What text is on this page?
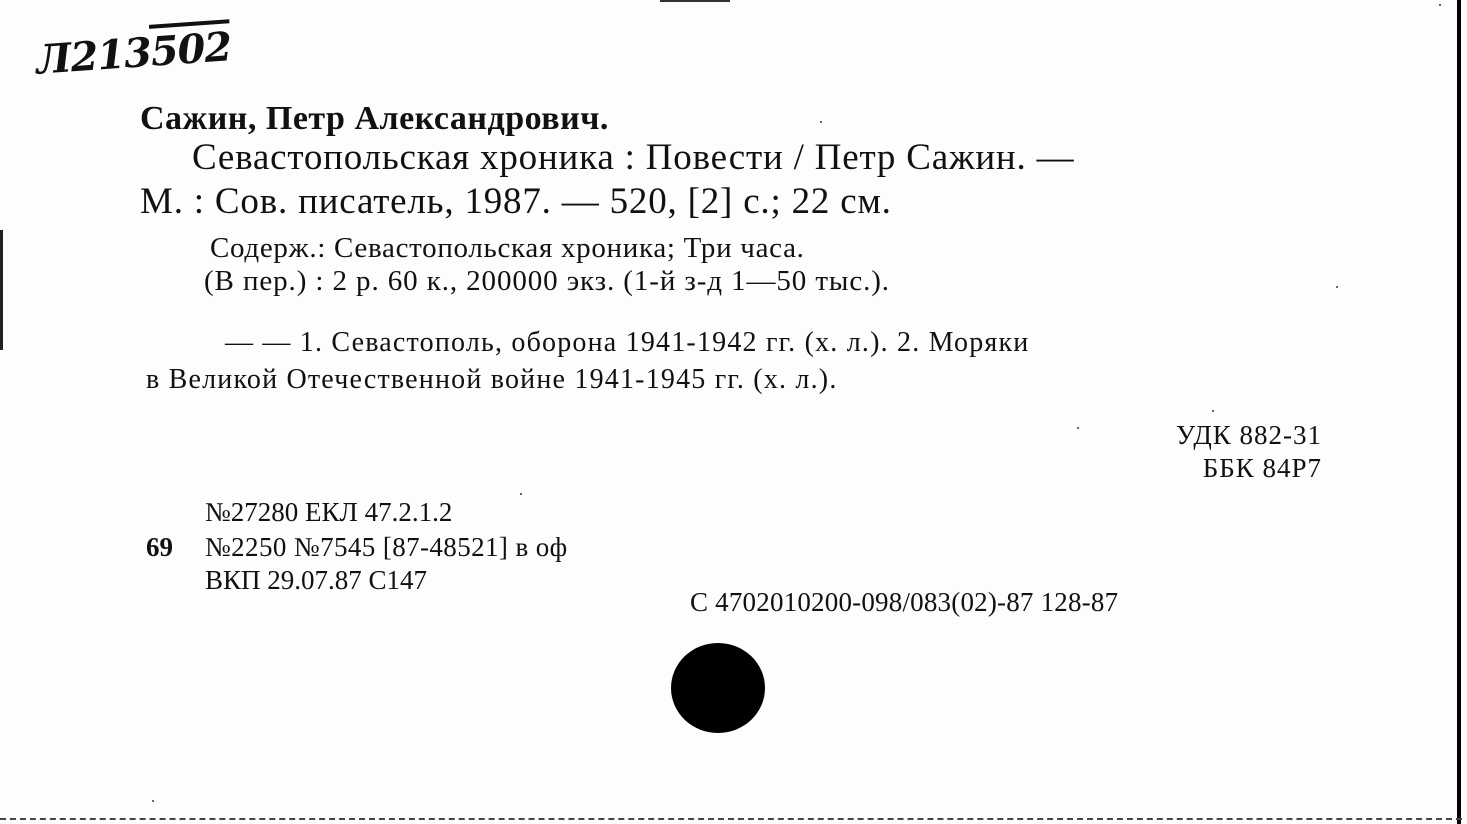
Л213502
Сажин, Петр Александрович.
Севастопольская хроника : Повести / Петр Сажин. —
М. : Сов. писатель, 1987. — 520, [2] с.; 22 см.
Содерж.: Севастопольская хроника; Три часа.
(В пер.) : 2 р. 60 к., 200000 экз. (1-й з-д 1—50 тыс.).
— — 1. Севастополь, оборона 1941-1942 гг. (х. л.). 2. Моряки
в Великой Отечественной войне 1941-1945 гг. (х. л.).
УДК 882-31
ББК 84Р7
№27280 ЕКЛ 47.2.1.2
69 №2250 №7545 [87-48521] в оф
ВКП 29.07.87 С147
С 4702010200-098/083(02)-87 128-87
